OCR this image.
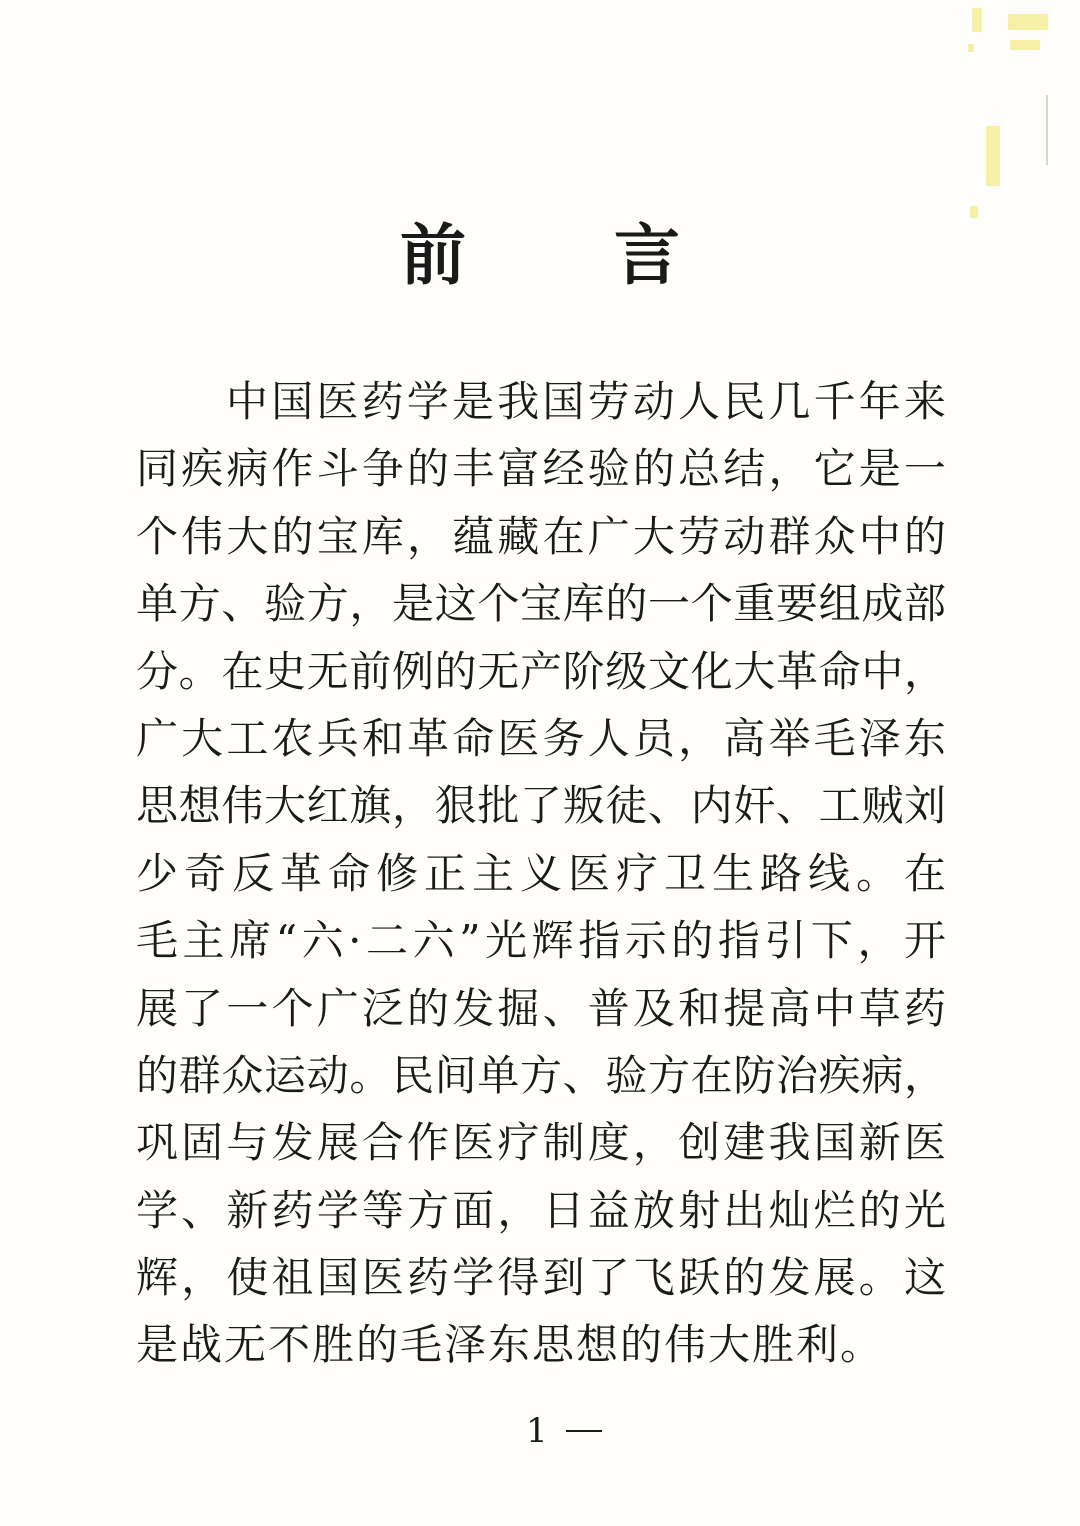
前 言
中国医药学是我国劳动人民几千年来
同疾病作斗争的丰富经验的总结，它是一
个伟大的宝库，蕴藏在广大劳动群众中的
单方、验方，是这个宝库的一个重要组成部
分。在史无前例的无产阶级文化大革命中，
广大工农兵和革命医务人员，高举毛泽东
思想伟大红旗，狠批了叛徒、内奸、工贼刘
少奇反革命修正主义医疗卫生路线。在
毛主席“六·二六”光辉指示的指引下，开
展了一个广泛的发掘、普及和提高中草药
的群众运动。民间单方、验方在防治疾病，
巩固与发展合作医疗制度，创建我国新医
学、新药学等方面，日益放射出灿烂的光
辉，使祖国医药学得到了飞跃的发展。这
是战无不胜的毛泽东思想的伟大胜利。
1
